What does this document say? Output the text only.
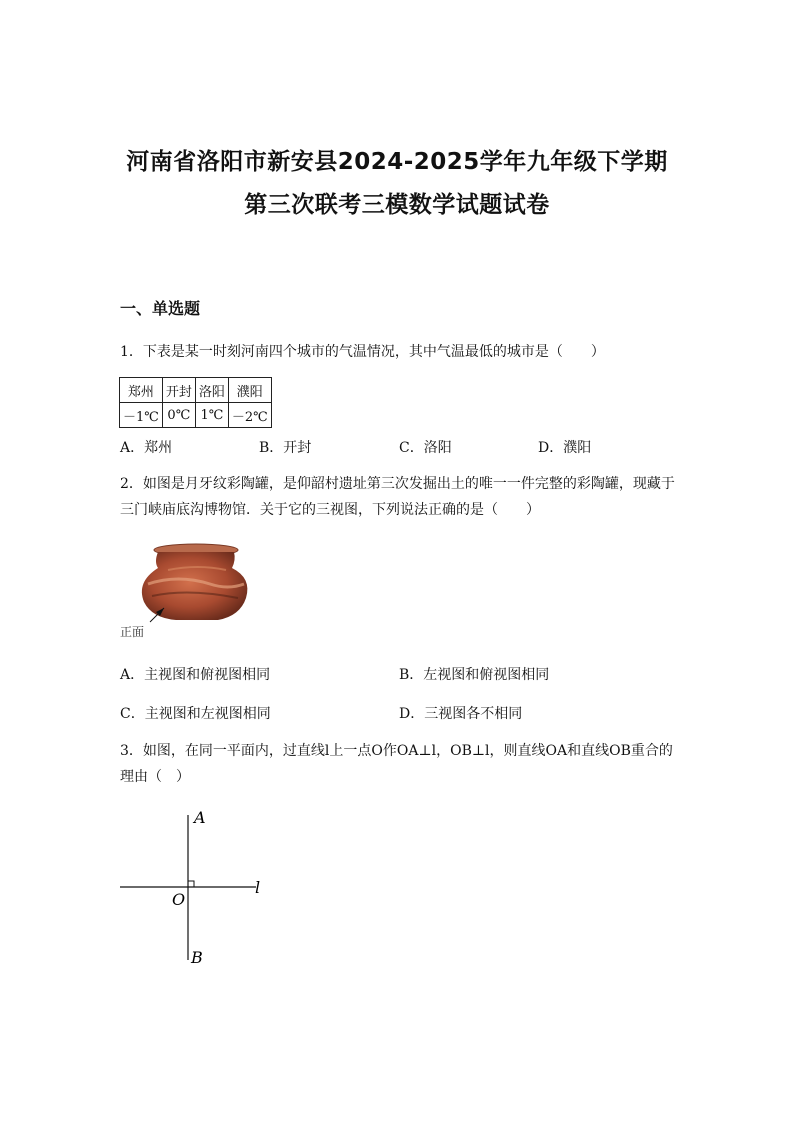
河南省洛阳市新安县2024-2025学年九年级下学期
第三次联考三模数学试题试卷
一、单选题
1．下表是某一时刻河南四个城市的气温情况，其中气温最低的城市是（　　）
郑州	开封	洛阳	濮阳
－1℃	0℃	1℃	－2℃
A．郑州	B．开封	C．洛阳	D．濮阳
2．如图是月牙纹彩陶罐，是仰韶村遗址第三次发掘出土的唯一一件完整的彩陶罐，现藏于三门峡庙底沟博物馆．关于它的三视图，下列说法正确的是（　　）
正面
A．主视图和俯视图相同	B．左视图和俯视图相同
C．主视图和左视图相同	D．三视图各不相同
3．如图，在同一平面内，过直线l上一点O作OA⊥l，OB⊥l，则直线OA和直线OB重合的理由（　）
A
O
B
l
